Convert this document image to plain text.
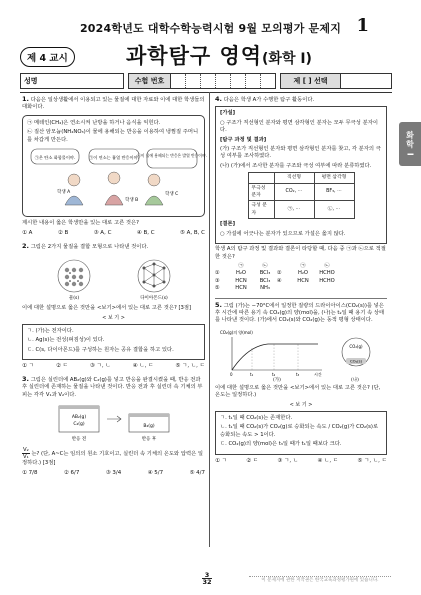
2024학년도 대학수학능력시험 9월 모의평가 문제지 1
제 4 교시	과학탐구 영역(화학 I)
성명	수험 번호	제 [ ] 선택
화학 I

1. 다음은 일상생활에서 이용되고 있는 물질에 대한 자료와 이에 대한 학생들의 대화이다.

㉠ 메테인(CH₄)은 연소시켜 난방을 하거나 음식을 익힌다.

㉡ 질산 암모늄(NH₄NO₃)이 물에 용해되는 반응을 이용하여 냉찜질 주머니를 차갑게 만든다.

㉠은 탄소 화합물이야.	㉠이 연소는 흡열 반응이야.
㉡이 물에 용해되는 반응은 발열 반응이야.
학생 A
학생 B
학생 C

제시한 내용이 옳은 학생만을 있는 대로 고른 것은?

① A	② B	③ A, C	④ B, C	⑤ A, B, C

2. 그림은 2가지 물질을 결합 모형으로 나타낸 것이다.

물(s)	다이아몬드(s)

이에 대한 설명으로 옳은 것만을 <보기>에서 있는 대로 고른 것은? [3점]

< 보 기 >

ㄱ. (가)는 전자이다.

ㄴ. Ag(s)는 전성(펴짐성)이 있다.

ㄷ. C(s, 다이아몬드)를 구성하는 원자는 공유 결합을 하고 있다.

① ㄱ	② ㄷ	③ ㄱ, ㄴ	④ ㄴ, ㄷ	⑤ ㄱ, ㄴ, ㄷ

3. 그림은 실린더에 AB₂(g)와 C₂(g)를 넣고 반응을 완결시켰을 때, 반응 전과 후 실린더에 존재하는 물질을 나타낸 것이다. 반응 전과 후 실린더 속 기체의 부피는 각각 V₁과 V₂이다.

AB₂(g)
C₂(g)
반응 전
B₂(g)
반응 후

$\frac{\text{V₂}}{\text{V₁}}$ 는? (단, A~C는 임의의 원소 기호이고, 실린더 속 기체의 온도와 압력은 일정하다.) [3점]

① 7/8	② 6/7	③ 3/4	④ 5/7	⑤ 4/7

4. 다음은 학생 A가 수행한 탐구 활동이다.

[가설]

○ 구조가 직선형인 분자와 평면 삼각형인 분자는 모두 무극성 분자이다.

[탐구 과정 및 결과]

(가) 구조가 직선형인 분자와 평면 삼각형인 분자를 찾고, 각 분자의 극성 여부를 조사하였다.

(나) (가)에서 조사한 분자를 구조와 극성 여부에 따라 분류하였다.

	직선형	평면 삼각형
무극성 분자	CO₂, ⋯	BF₃, ⋯
극성 분자	㉠, ⋯	㉡, ⋯

[결론]

○ 가설에 어긋나는 분자가 있으므로 가설은 옳지 않다.

학생 A의 탐구 과정 및 결과와 결론이 타당할 때, 다음 중 ㉠과 ㉡으로 적절한 것은?

	㉠	㉡		㉠	㉡
①	H₂O	BCl₃	②	H₂O	HCHO
③	HCN	BCl₃	④	HCN	HCHO
⑤	HCN	NH₃			

5. 그림 (가)는 −70°C에서 일정한 질량의 드라이아이스(CO₂(s))를 넣은 후 시간에 따른 용기 속 CO₂(g)의 양(mol)을, (나)는 t₂일 때 용기 속 상태를 나타낸 것이다. (가)에서 CO₂(s)와 CO₂(g)는 동적 평형 상태이다.

CO₂(g)의 양(mol)
0	t₁	t₂	t₃	시간
(가)
CO₂(g)
CO₂(s)
(나)

이에 대한 설명으로 옳은 것만을 <보기>에서 있는 대로 고른 것은? (단, 온도는 일정하다.)

< 보 기 >

ㄱ. t₁일 때 CO₂(s)는 존재한다.

ㄴ. t₁일 때 CO₂(s)가 CO₂(g)로 승화되는 속도 / CO₂(g)가 CO₂(s)로 승화되는 속도 > 1이다.

ㄷ. CO₂(g)의 양(mol)은 t₃일 때가 t₁일 때보다 크다.

① ㄱ	② ㄷ	③ ㄱ, ㄴ	④ ㄴ, ㄷ	⑤ ㄱ, ㄴ, ㄷ
$\frac{3}{32}$	이 문제지에 관한 저작권은 한국교육과정평가원에 있습니다.
